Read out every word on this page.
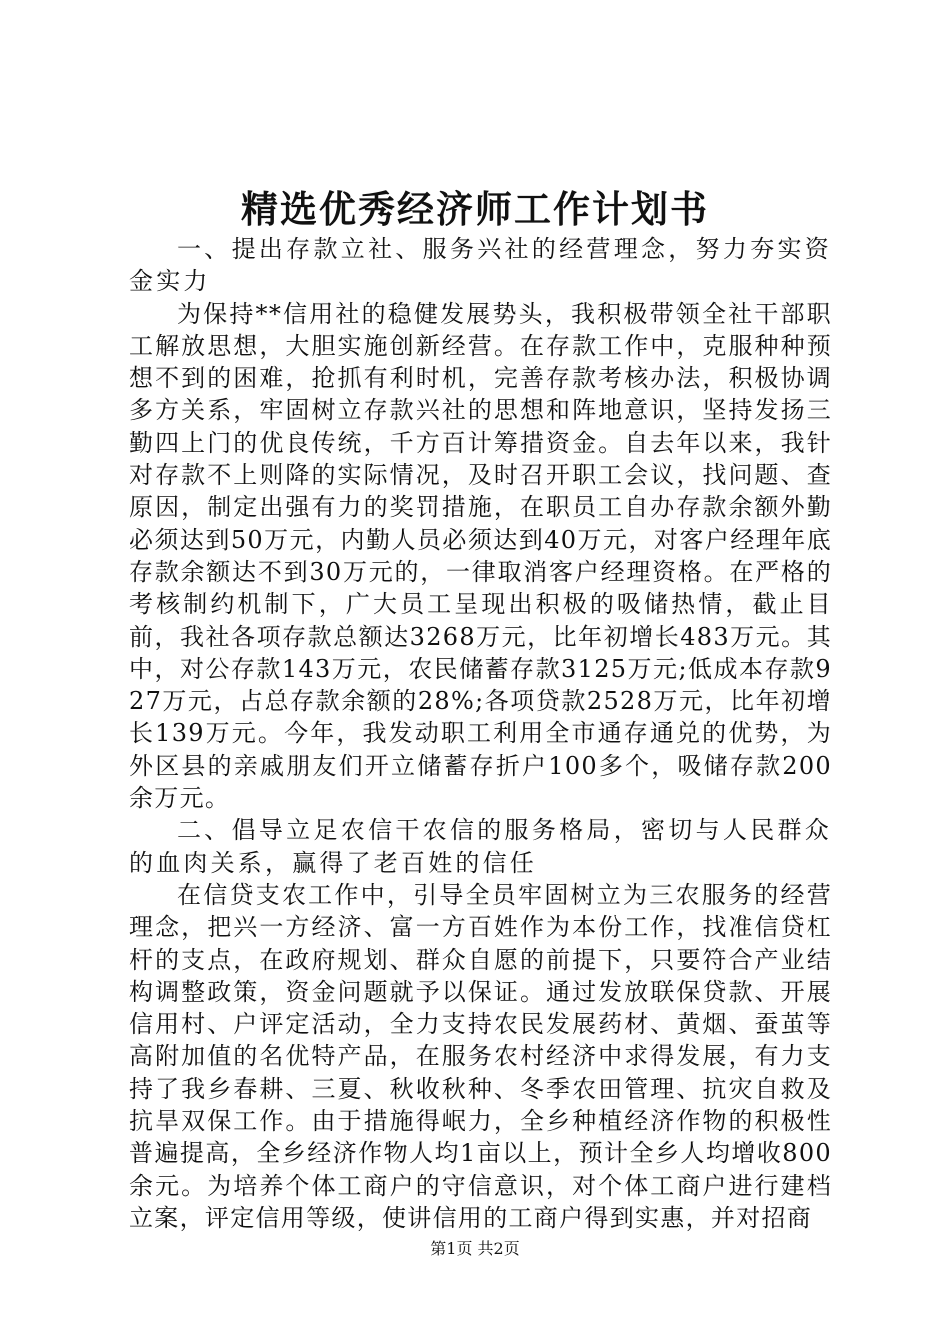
精选优秀经济师工作计划书

一、提出存款立社、服务兴社的经营理念，努力夯实资金实力

为保持**信用社的稳健发展势头，我积极带领全社干部职工解放思想，大胆实施创新经营。在存款工作中，克服种种预想不到的困难，抢抓有利时机，完善存款考核办法，积极协调多方关系，牢固树立存款兴社的思想和阵地意识，坚持发扬三勤四上门的优良传统，千方百计筹措资金。自去年以来，我针对存款不上则降的实际情况，及时召开职工会议，找问题、查原因，制定出强有力的奖罚措施，在职员工自办存款余额外勤必须达到50万元，内勤人员必须达到40万元，对客户经理年底存款余额达不到30万元的，一律取消客户经理资格。在严格的考核制约机制下，广大员工呈现出积极的吸储热情，截止目前，我社各项存款总额达3268万元，比年初增长483万元。其中，对公存款143万元，农民储蓄存款3125万元;低成本存款927万元，占总存款余额的28%;各项贷款2528万元，比年初增长139万元。今年，我发动职工利用全市通存通兑的优势，为外区县的亲戚朋友们开立储蓄存折户100多个，吸储存款200余万元。

二、倡导立足农信干农信的服务格局，密切与人民群众的血肉关系，赢得了老百姓的信任

在信贷支农工作中，引导全员牢固树立为三农服务的经营理念，把兴一方经济、富一方百姓作为本份工作，找准信贷杠杆的支点，在政府规划、群众自愿的前提下，只要符合产业结构调整政策，资金问题就予以保证。通过发放联保贷款、开展信用村、户评定活动，全力支持农民发展药材、黄烟、蚕茧等高附加值的名优特产品，在服务农村经济中求得发展，有力支持了我乡春耕、三夏、秋收秋种、冬季农田管理、抗灾自救及抗旱双保工作。由于措施得岷力，全乡种植经济作物的积极性普遍提高，全乡经济作物人均1亩以上，预计全乡人均增收800余元。为培养个体工商户的守信意识，对个体工商户进行建档立案，评定信用等级，使讲信用的工商户得到实惠，并对招商

第1页 共2页
